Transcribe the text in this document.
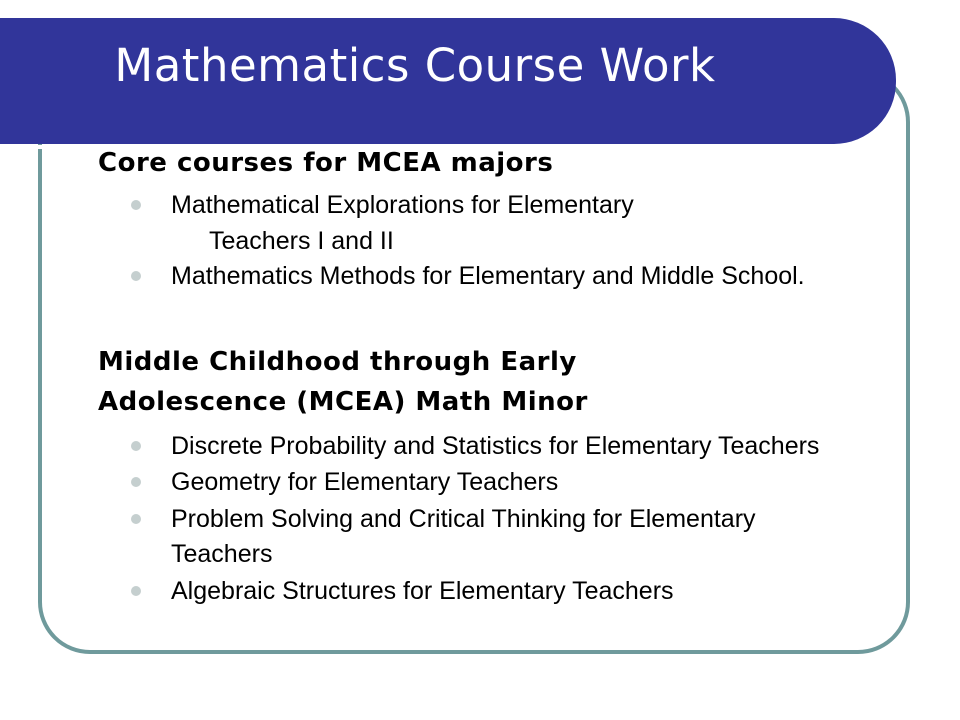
Mathematics Course Work
Core courses for MCEA majors
Mathematical Explorations for Elementary
Teachers I and II
Mathematics Methods for Elementary and Middle School.
Middle Childhood through Early Adolescence (MCEA) Math Minor
Discrete Probability and Statistics for Elementary Teachers
Geometry for Elementary Teachers
Problem Solving and Critical Thinking for Elementary Teachers
Algebraic Structures for Elementary Teachers
